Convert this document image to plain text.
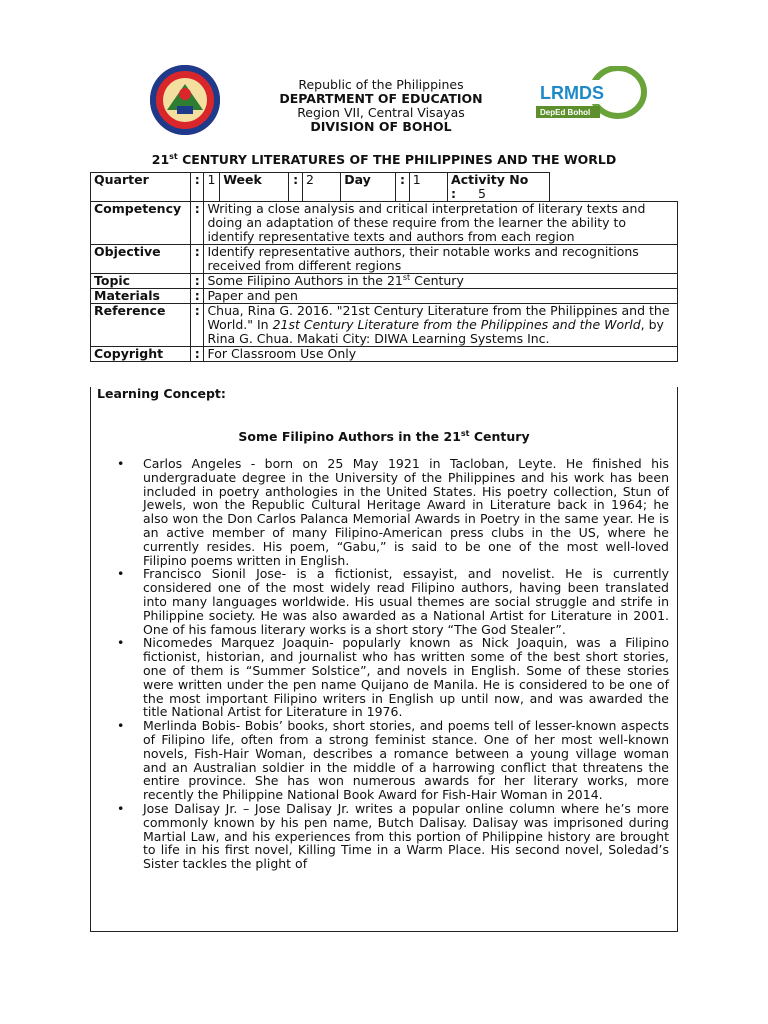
LRMDS
DepEd Bohol
Republic of the Philippines
DEPARTMENT OF EDUCATION
Region VII, Central Visayas
DIVISION OF BOHOL
21st CENTURY LITERATURES OF THE PHILIPPINES AND THE WORLD
Quarter	:	1	Week	:	2	Day	:	1	Activity No
: 5

Competency	:	Writing a close analysis and critical interpretation of literary texts and doing an adaptation of these require from the learner the ability to identify representative texts and authors from each region							
Objective	:	Identify representative authors, their notable works and recognitions received from different regions							
Topic	:	Some Filipino Authors in the 21st Century							
Materials	:	Paper and pen							
Reference	:	Chua, Rina G. 2016. "21st Century Literature from the Philippines and the World." In 21st Century Literature from the Philippines and the World, by Rina G. Chua. Makati City: DIWA Learning Systems Inc.							
Copyright	:	For Classroom Use Only							
Learning Concept:
Some Filipino Authors in the 21st Century
• Carlos Angeles - born on 25 May 1921 in Tacloban, Leyte. He finished his undergraduate degree in the University of the Philippines and his work has been included in poetry anthologies in the United States. His poetry collection, Stun of Jewels, won the Republic Cultural Heritage Award in Literature back in 1964; he also won the Don Carlos Palanca Memorial Awards in Poetry in the same year. He is an active member of many Filipino-American press clubs in the US, where he currently resides. His poem, “Gabu,” is said to be one of the most well-loved Filipino poems written in English.
• Francisco Sionil Jose- is a fictionist, essayist, and novelist. He is currently considered one of the most widely read Filipino authors, having been translated into many languages worldwide. His usual themes are social struggle and strife in Philippine society. He was also awarded as a National Artist for Literature in 2001. One of his famous literary works is a short story “The God Stealer”.
• Nicomedes Marquez Joaquin- popularly known as Nick Joaquin, was a Filipino fictionist, historian, and journalist who has written some of the best short stories, one of them is “Summer Solstice”, and novels in English. Some of these stories were written under the pen name Quijano de Manila. He is considered to be one of the most important Filipino writers in English up until now, and was awarded the title National Artist for Literature in 1976.
• Merlinda Bobis- Bobis’ books, short stories, and poems tell of lesser-known aspects of Filipino life, often from a strong feminist stance. One of her most well-known novels, Fish-Hair Woman, describes a romance between a young village woman and an Australian soldier in the middle of a harrowing conflict that threatens the entire province. She has won numerous awards for her literary works, more recently the Philippine National Book Award for Fish-Hair Woman in 2014.
• Jose Dalisay Jr. – Jose Dalisay Jr. writes a popular online column where he’s more commonly known by his pen name, Butch Dalisay. Dalisay was imprisoned during Martial Law, and his experiences from this portion of Philippine history are brought to life in his first novel, Killing Time in a Warm Place. His second novel, Soledad’s Sister tackles the plight of
